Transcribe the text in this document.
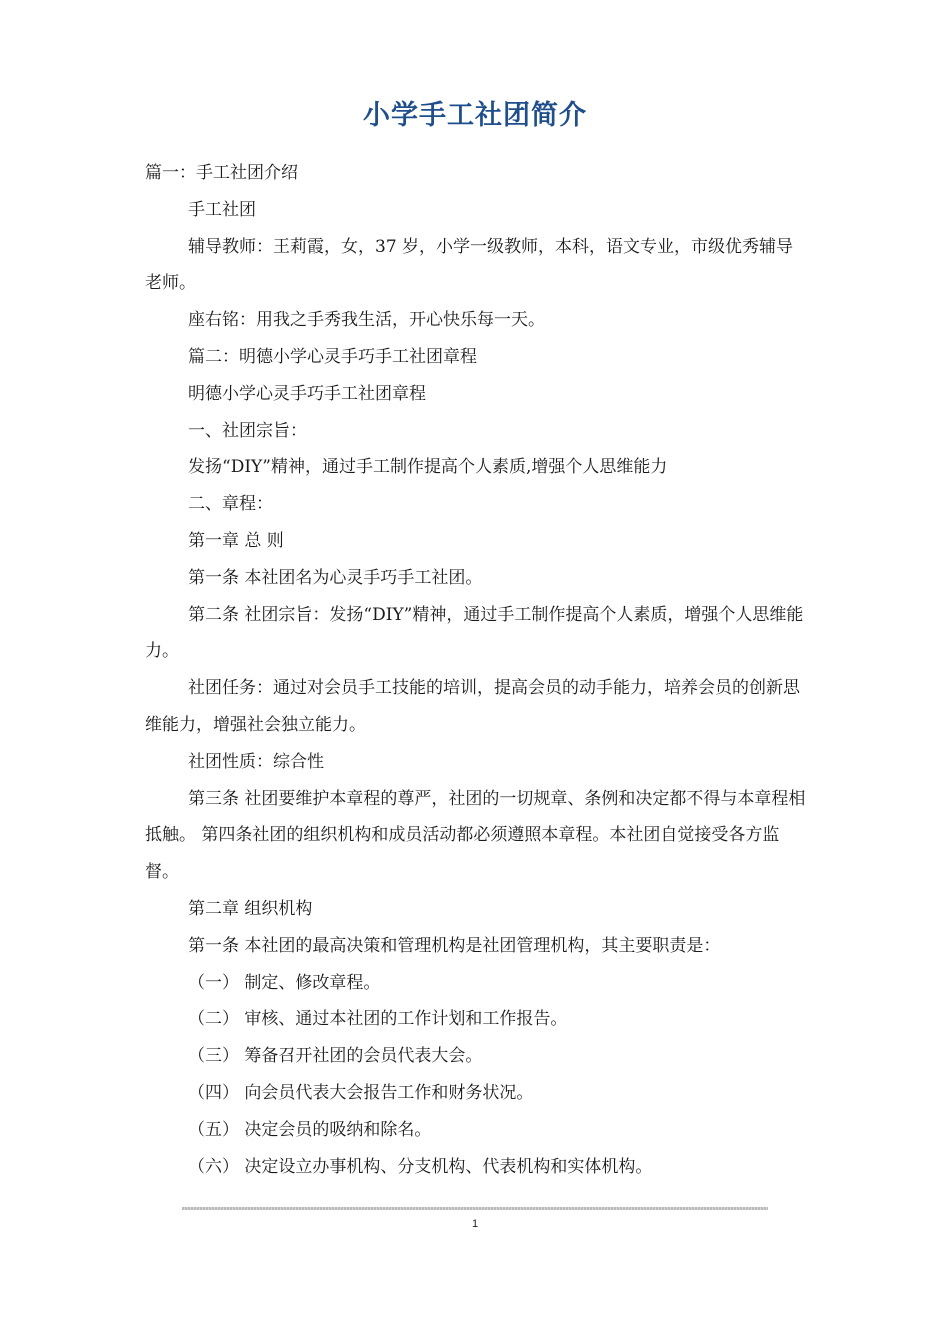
小学手工社团简介

篇一：手工社团介绍

手工社团

辅导教师：王莉霞，女，37 岁，小学一级教师，本科，语文专业，市级优秀辅导老师。

座右铭：用我之手秀我生活，开心快乐每一天。

篇二：明德小学心灵手巧手工社团章程

明德小学心灵手巧手工社团章程

一、社团宗旨：

发扬“DIY”精神，通过手工制作提高个人素质,增强个人思维能力

二、章程：

第一章 总 则

第一条 本社团名为心灵手巧手工社团。

第二条 社团宗旨：发扬“DIY”精神，通过手工制作提高个人素质，增强个人思维能力。

社团任务：通过对会员手工技能的培训，提高会员的动手能力，培养会员的创新思维能力，增强社会独立能力。

社团性质：综合性

第三条 社团要维护本章程的尊严，社团的一切规章、条例和决定都不得与本章程相抵触。 第四条社团的组织机构和成员活动都必须遵照本章程。本社团自觉接受各方监督。

第二章 组织机构

第一条 本社团的最高决策和管理机构是社团管理机构，其主要职责是：

（一） 制定、修改章程。

（二） 审核、通过本社团的工作计划和工作报告。

（三） 筹备召开社团的会员代表大会。

（四） 向会员代表大会报告工作和财务状况。

（五） 决定会员的吸纳和除名。

（六） 决定设立办事机构、分支机构、代表机构和实体机构。

1
